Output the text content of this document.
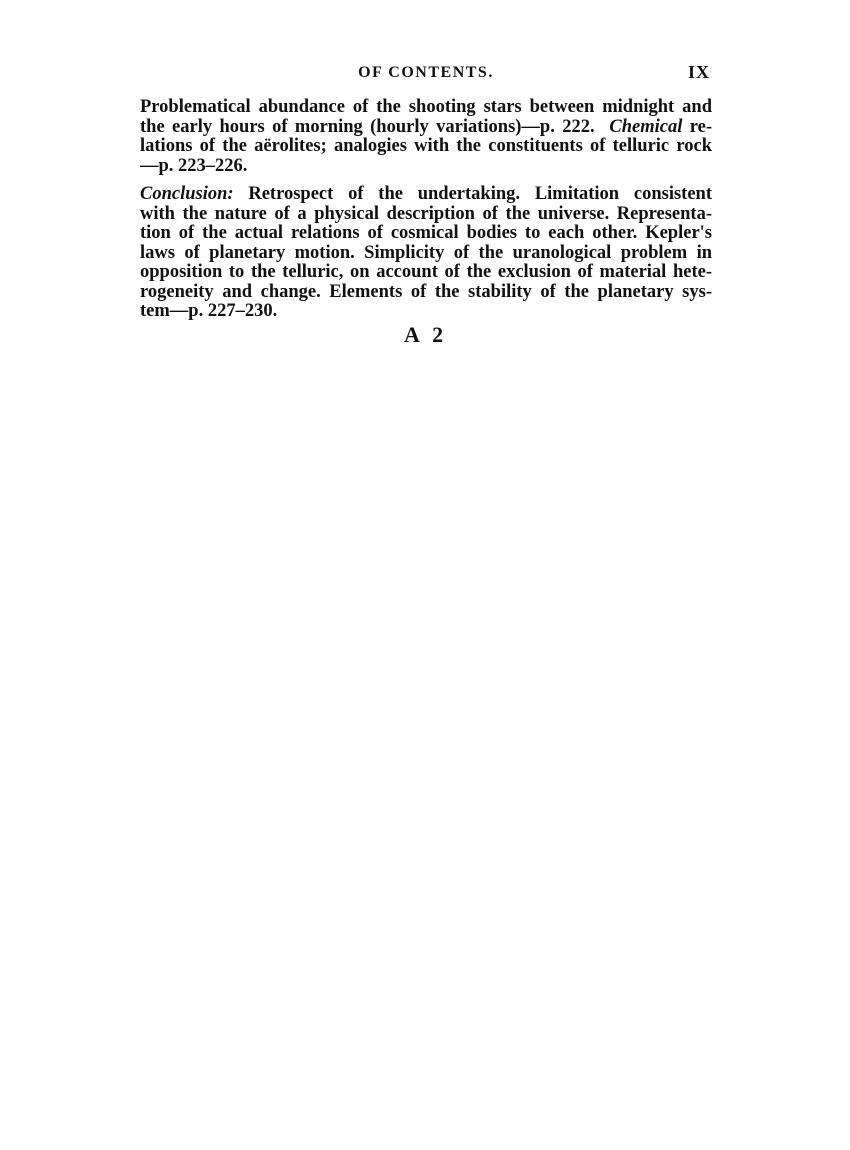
OF CONTENTS.	IX

Problematical abundance of the shooting stars between midnight and
the early hours of morning (hourly variations)—p. 222. Chemical re-
lations of the aërolites; analogies with the constituents of telluric rock
—p. 223–226.

Conclusion: Retrospect of the undertaking. Limitation consistent
with the nature of a physical description of the universe. Representa-
tion of the actual relations of cosmical bodies to each other. Kepler's
laws of planetary motion. Simplicity of the uranological problem in
opposition to the telluric, on account of the exclusion of material hete-
rogeneity and change. Elements of the stability of the planetary sys-
tem—p. 227–230.

A 2
